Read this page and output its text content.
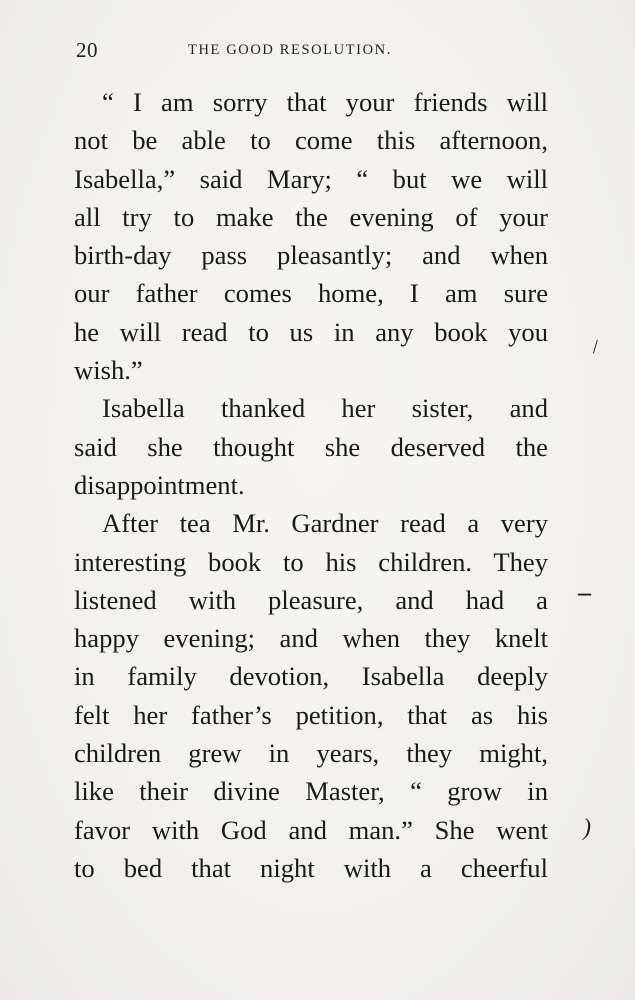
20	THE GOOD RESOLUTION.
“ I am sorry that your friends will
not be able to come this afternoon,
Isabella,” said Mary; “ but we will
all try to make the evening of your
birth-day pass pleasantly; and when
our father comes home, I am sure
he will read to us in any book you
wish.”
Isabella thanked her sister, and
said she thought she deserved the
disappointment.
After tea Mr. Gardner read a very
interesting book to his children. They
listened with pleasure, and had a
happy evening; and when they knelt
in family devotion, Isabella deeply
felt her father’s petition, that as his
children grew in years, they might,
like their divine Master, “ grow in
favor with God and man.” She went
to bed that night with a cheerful
\
–
)
